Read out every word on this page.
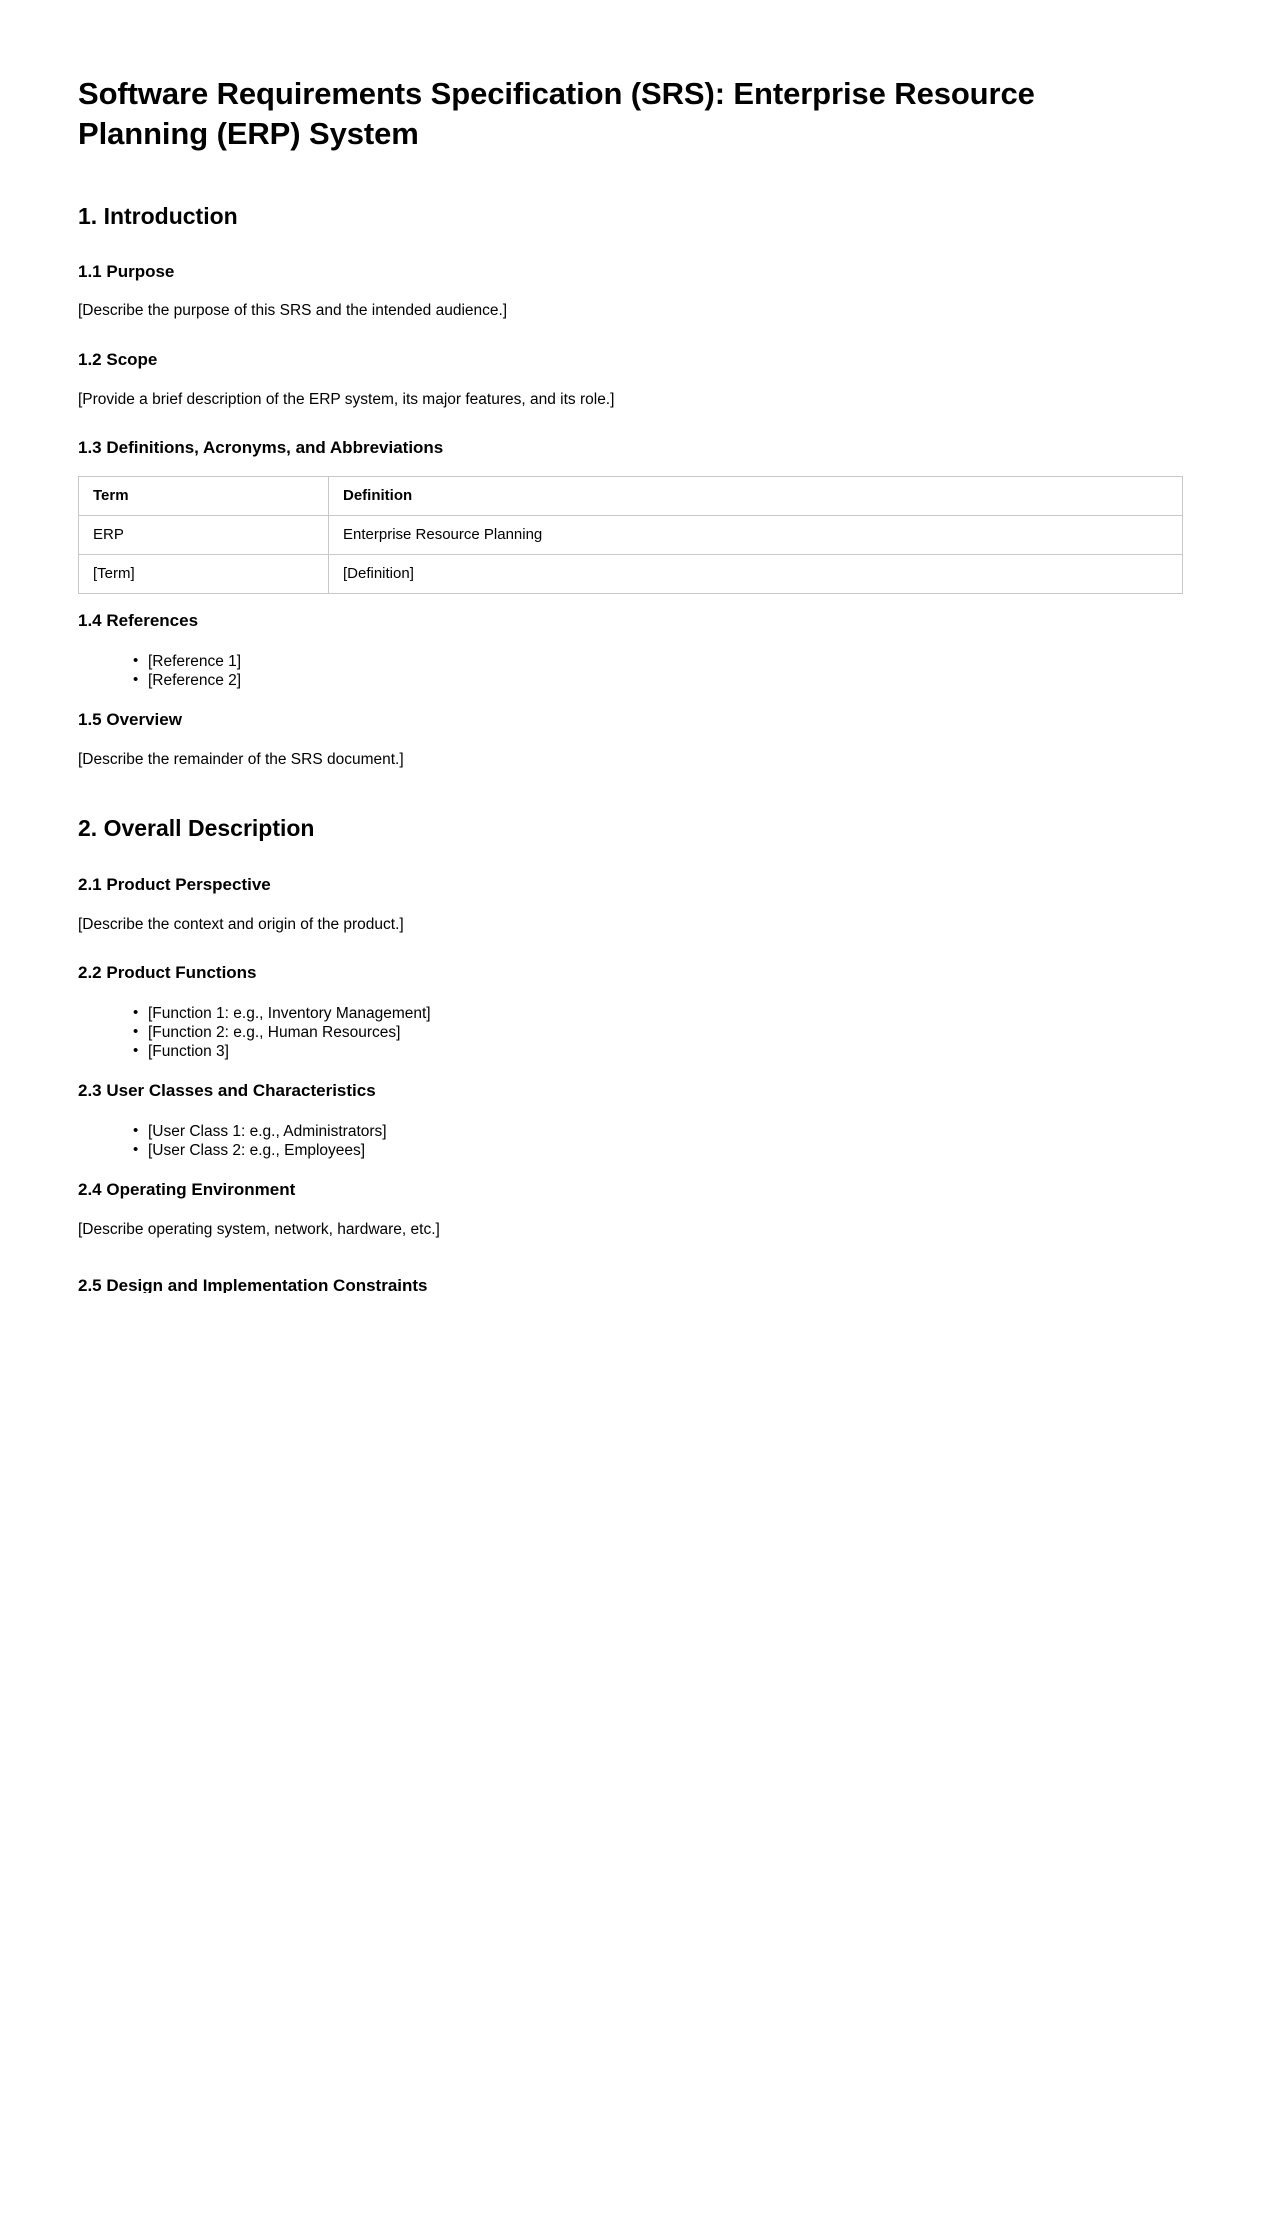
Software Requirements Specification (SRS): Enterprise Resource Planning (ERP) System
1. Introduction
1.1 Purpose

[Describe the purpose of this SRS and the intended audience.]

1.2 Scope

[Provide a brief description of the ERP system, its major features, and its role.]

1.3 Definitions, Acronyms, and Abbreviations
Term	Definition
ERP	Enterprise Resource Planning
[Term]	[Definition]
1.4 References
• [Reference 1]
• [Reference 2]
1.5 Overview

[Describe the remainder of the SRS document.]

2. Overall Description
2.1 Product Perspective

[Describe the context and origin of the product.]

2.2 Product Functions
• [Function 1: e.g., Inventory Management]
• [Function 2: e.g., Human Resources]
• [Function 3]
2.3 User Classes and Characteristics
• [User Class 1: e.g., Administrators]
• [User Class 2: e.g., Employees]
2.4 Operating Environment

[Describe operating system, network, hardware, etc.]

2.5 Design and Implementation Constraints
